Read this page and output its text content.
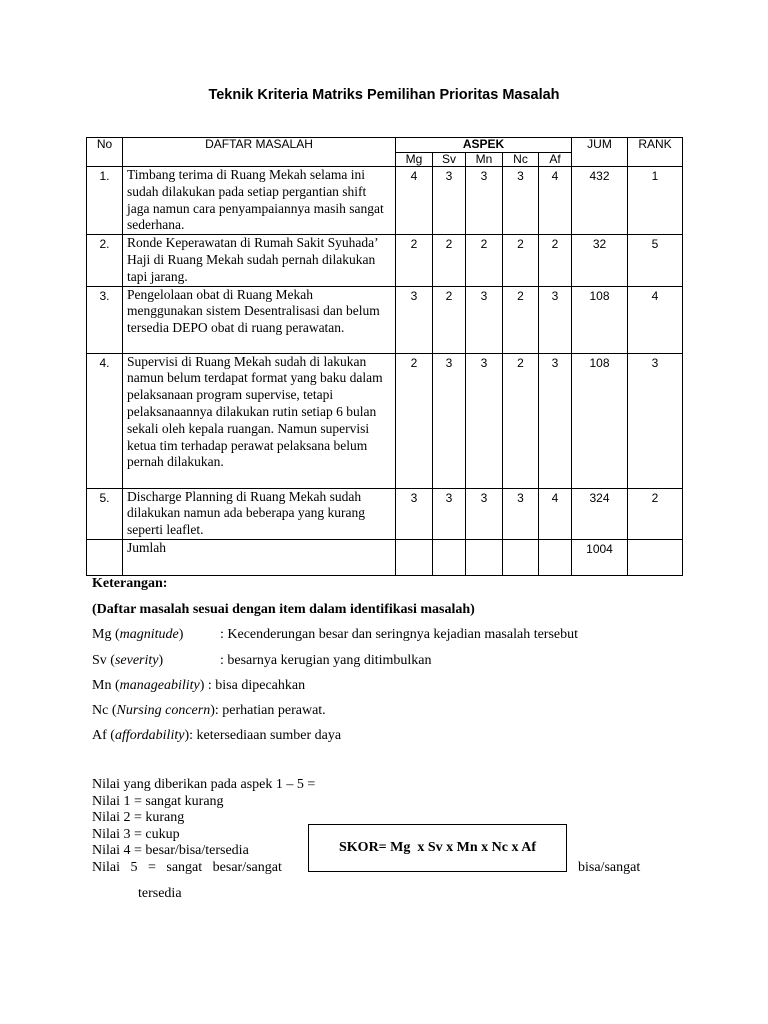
Teknik Kriteria Matriks Pemilihan Prioritas Masalah
No	DAFTAR MASALAH	ASPEK					JUM	RANK
		Mg	Sv	Mn	Nc	Af		
1.	Timbang terima di Ruang Mekah selama ini sudah dilakukan pada setiap pergantian shift jaga namun cara penyampaiannya masih sangat sederhana.	4	3	3	3	4	432	1
2.	Ronde Keperawatan di Rumah Sakit Syuhada’ Haji di Ruang Mekah sudah pernah dilakukan tapi jarang.	2	2	2	2	2	32	5
3.	Pengelolaan obat di Ruang Mekah menggunakan sistem Desentralisasi dan belum tersedia DEPO obat di ruang perawatan.	3	2	3	2	3	108	4
4.	Supervisi di Ruang Mekah sudah di lakukan namun belum terdapat format yang baku dalam pelaksanaan program supervise, tetapi pelaksanaannya dilakukan rutin setiap 6 bulan sekali oleh kepala ruangan. Namun supervisi ketua tim terhadap perawat pelaksana belum pernah dilakukan.	2	3	3	2	3	108	3
5.	Discharge Planning di Ruang Mekah sudah dilakukan namun ada beberapa yang kurang seperti leaflet.	3	3	3	3	4	324	2
	Jumlah						1004	
Keterangan:
(Daftar masalah sesuai dengan item dalam identifikasi masalah)
Mg (magnitude)	: Kecenderungan besar dan seringnya kejadian masalah tersebut
Sv (severity)	: besarnya kerugian yang ditimbulkan
Mn (manageability) : bisa dipecahkan
Nc (Nursing concern): perhatian perawat.
Af (affordability): ketersediaan sumber daya
Nilai yang diberikan pada aspek 1 – 5 =
Nilai 1 = sangat kurang
Nilai 2 = kurang
Nilai 3 = cukup
Nilai 4 = besar/bisa/tersedia
Nilai   5   =   sangat   besar/sangat
SKOR= Mg  x Sv x Mn x Nc x Af
bisa/sangat
tersedia
